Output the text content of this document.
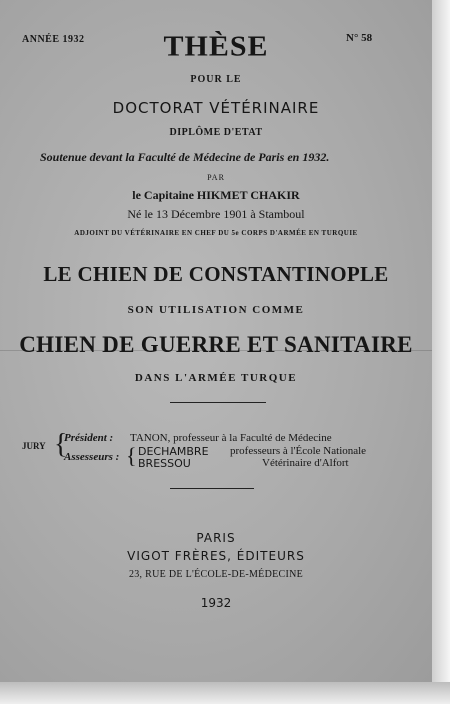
ANNÉE 1932	N° 58
THÈSE
POUR LE
DOCTORAT VÉTÉRINAIRE
DIPLÔME D'ETAT
Soutenue devant la Faculté de Médecine de Paris en 1932.
PAR
le Capitaine HIKMET CHAKIR
Né le 13 Décembre 1901 à Stamboul
ADJOINT DU VÉTÉRINAIRE EN CHEF DU 5e CORPS D'ARMÉE EN TURQUIE
LE CHIEN DE CONSTANTINOPLE
SON UTILISATION COMME
CHIEN DE GUERRE ET SANITAIRE
DANS L'ARMÉE TURQUE
JURY {
Président : TANON, professeur à la Faculté de Médecine
Assesseurs : { DECHAMBRE professeurs à l'École Nationale
BRESSOU	Vétérinaire d'Alfort
PARIS
VIGOT FRÈRES, ÉDITEURS
23, RUE DE L'ÉCOLE-DE-MÉDECINE
1932
